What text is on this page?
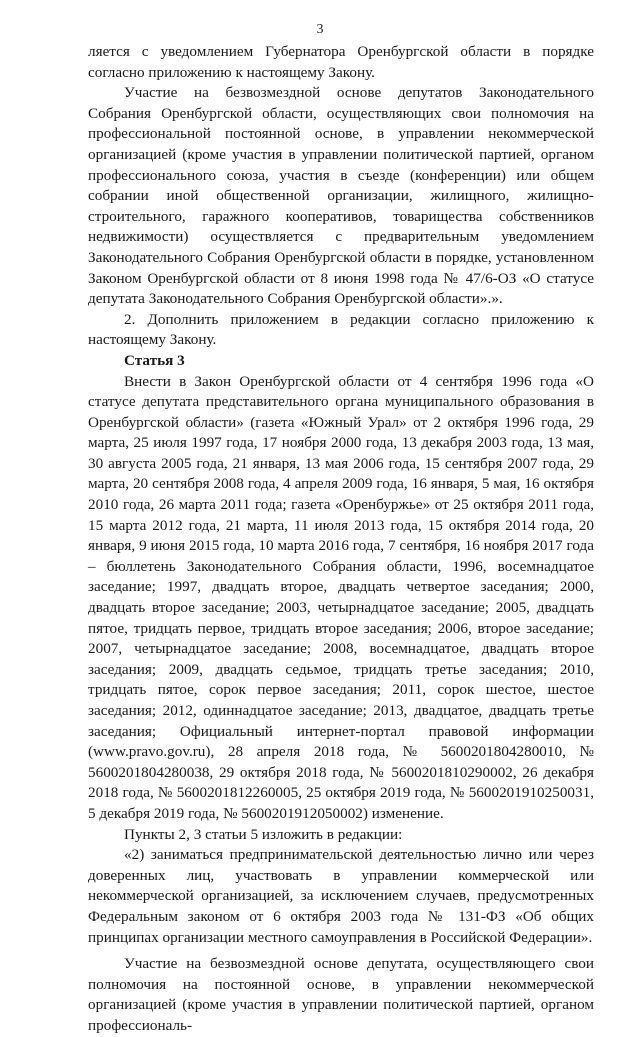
3

ляется с уведомлением Губернатора Оренбургской области в порядке согласно приложению к настоящему Закону.

Участие на безвозмездной основе депутатов Законодательного Собрания Оренбургской области, осуществляющих свои полномочия на профессиональной постоянной основе, в управлении некоммерческой организацией (кроме участия в управлении политической партией, органом профессионального союза, участия в съезде (конференции) или общем собрании иной общественной организации, жилищного, жилищно-строительного, гаражного кооперативов, товарищества собственников недвижимости) осуществляется с предварительным уведомлением Законодательного Собрания Оренбургской области в порядке, установленном Законом Оренбургской области от 8 июня 1998 года № 47/6-ОЗ «О статусе депутата Законодательного Собрания Оренбургской области».».

2. Дополнить приложением в редакции согласно приложению к настоящему Закону.

Статья 3

Внести в Закон Оренбургской области от 4 сентября 1996 года «О статусе депутата представительного органа муниципального образования в Оренбургской области» (газета «Южный Урал» от 2 октября 1996 года, 29 марта, 25 июля 1997 года, 17 ноября 2000 года, 13 декабря 2003 года, 13 мая, 30 августа 2005 года, 21 января, 13 мая 2006 года, 15 сентября 2007 года, 29 марта, 20 сентября 2008 года, 4 апреля 2009 года, 16 января, 5 мая, 16 октября 2010 года, 26 марта 2011 года; газета «Оренбуржье» от 25 октября 2011 года, 15 марта 2012 года, 21 марта, 11 июля 2013 года, 15 октября 2014 года, 20 января, 9 июня 2015 года, 10 марта 2016 года, 7 сентября, 16 ноября 2017 года – бюллетень Законодательного Собрания области, 1996, восемнадцатое заседание; 1997, двадцать второе, двадцать четвертое заседания; 2000, двадцать второе заседание; 2003, четырнадцатое заседание; 2005, двадцать пятое, тридцать первое, тридцать второе заседания; 2006, второе заседание; 2007, четырнадцатое заседание; 2008, восемнадцатое, двадцать второе заседания; 2009, двадцать седьмое, тридцать третье заседания; 2010, тридцать пятое, сорок первое заседания; 2011, сорок шестое, шестое заседания; 2012, одиннадцатое заседание; 2013, двадцатое, двадцать третье заседания; Официальный интернет-портал правовой информации (www.pravo.gov.ru), 28 апреля 2018 года, № 5600201804280010, № 5600201804280038, 29 октября 2018 года, № 5600201810290002, 26 декабря 2018 года, № 5600201812260005, 25 октября 2019 года, № 5600201910250031, 5 декабря 2019 года, № 5600201912050002) изменение.

Пункты 2, 3 статьи 5 изложить в редакции:

«2) заниматься предпринимательской деятельностью лично или через доверенных лиц, участвовать в управлении коммерческой или некоммерческой организацией, за исключением случаев, предусмотренных Федеральным законом от 6 октября 2003 года № 131-ФЗ «Об общих принципах организации местного самоуправления в Российской Федерации».

Участие на безвозмездной основе депутата, осуществляющего свои полномочия на постоянной основе, в управлении некоммерческой организацией (кроме участия в управлении политической партией, органом профессиональ-
